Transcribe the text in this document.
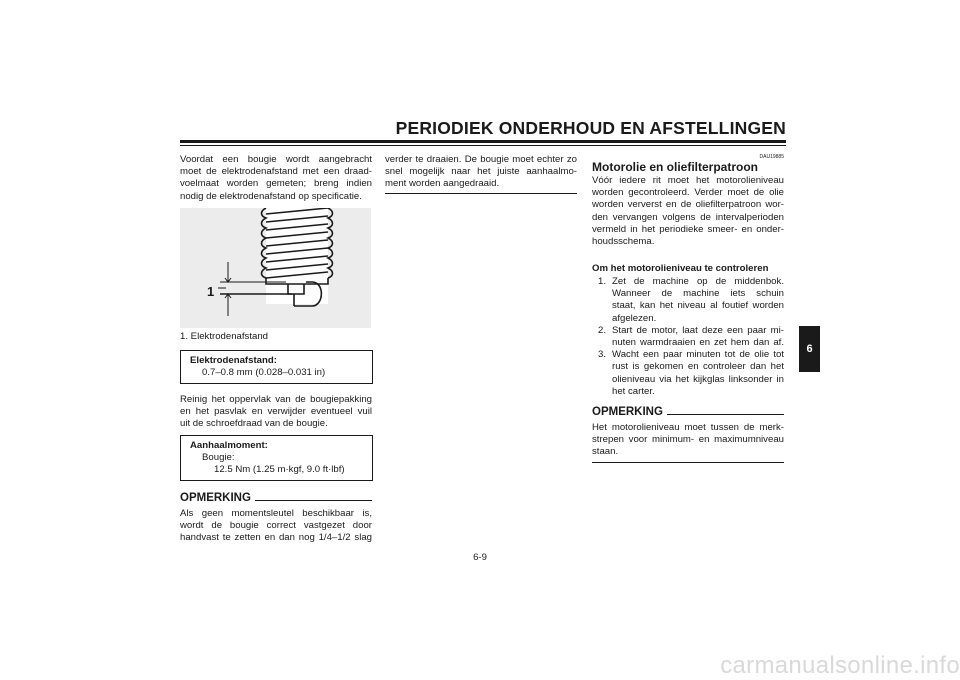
PERIODIEK ONDERHOUD EN AFSTELLINGEN
6
Voordat een bougie wordt aangebracht
moet de elektrodenafstand met een draad-
voelmaat worden gemeten; breng indien
nodig de elektrodenafstand op specificatie.
1
1. Elektrodenafstand
Elektrodenafstand:
0.7–0.8 mm (0.028–0.031 in)
Reinig het oppervlak van de bougiepakking
en het pasvlak en verwijder eventueel vuil
uit de schroefdraad van de bougie.
Aanhaalmoment:
Bougie:
12.5 Nm (1.25 m·kgf, 9.0 ft·lbf)
OPMERKING
Als geen momentsleutel beschikbaar is,
wordt de bougie correct vastgezet door
handvast te zetten en dan nog 1/4–1/2 slag
verder te draaien. De bougie moet echter zo
snel mogelijk naar het juiste aanhaalmo-
ment worden aangedraaid.
DAU19885
Motorolie en oliefilterpatroon
Vóór iedere rit moet het motorolieniveau
worden gecontroleerd. Verder moet de olie
worden ververst en de oliefilterpatroon wor-
den vervangen volgens de intervalperioden
vermeld in het periodieke smeer- en onder-
houdsschema.
Om het motorolieniveau te controleren
1. Zet de machine op de middenbok.
Wanneer de machine iets schuin
staat, kan het niveau al foutief worden
afgelezen.
2. Start de motor, laat deze een paar mi-
nuten warmdraaien en zet hem dan af.
3. Wacht een paar minuten tot de olie tot
rust is gekomen en controleer dan het
olieniveau via het kijkglas linksonder in
het carter.
OPMERKING
Het motorolieniveau moet tussen de merk-
strepen voor minimum- en maximumniveau
staan.
6-9
carmanualsonline.info
